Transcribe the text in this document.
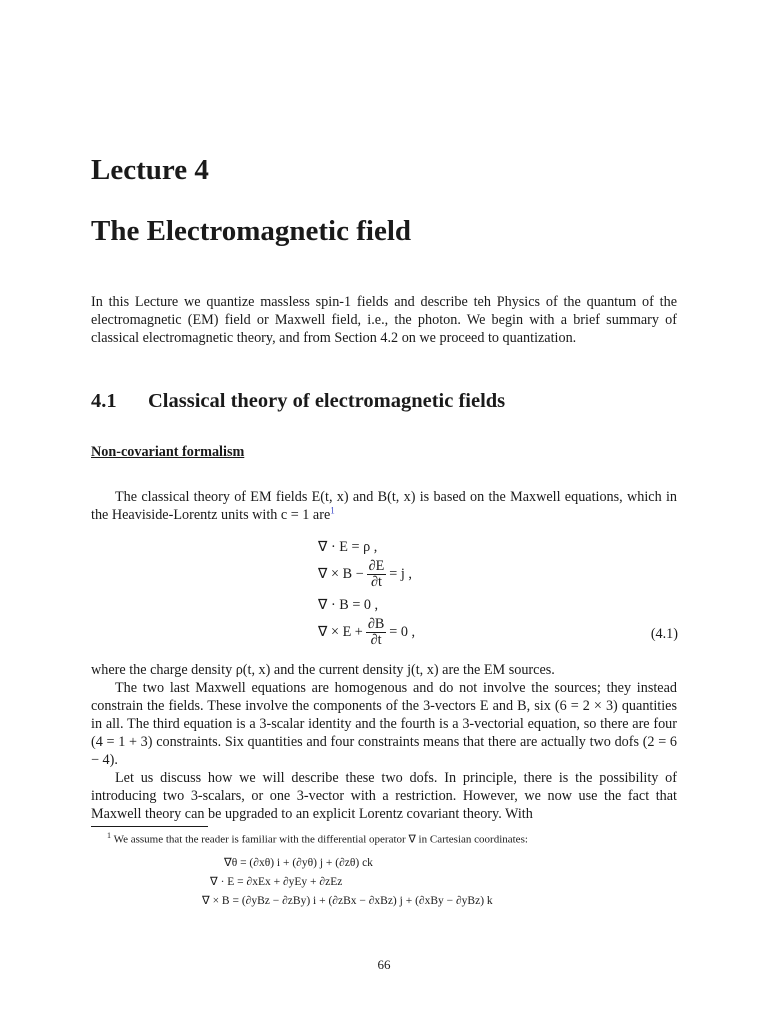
Lecture 4
The Electromagnetic field

In this Lecture we quantize massless spin-1 fields and describe teh Physics of the quantum of the electromagnetic (EM) field or Maxwell field, i.e., the photon. We begin with a brief summary of classical electromagnetic theory, and from Section 4.2 on we proceed to quantization.

4.1 Classical theory of electromagnetic fields
Non-covariant formalism

The classical theory of EM fields E(t, x) and B(t, x) is based on the Maxwell equations, which in the Heaviside-Lorentz units with c = 1 are$^1$

∇ · E = ρ ,
∇ × $B - \frac{\partial E}{\partial t} = j$ ,
∇ · B = 0 ,
∇ × $E + \frac{\partial B}{\partial t} = 0$ ,	(4.1)

where the charge density ρ(t, x) and the current density j(t, x) are the EM sources.

The two last Maxwell equations are homogenous and do not involve the sources; they instead constrain the fields. These involve the components of the 3-vectors E and B, six (6 = 2 × 3) quantities in all. The third equation is a 3-scalar identity and the fourth is a 3-vectorial equation, so there are four (4 = 1 + 3) constraints. Six quantities and four constraints means that there are actually two dofs (2 = 6 − 4).

Let us discuss how we will describe these two dofs. In principle, there is the possibility of introducing two 3-scalars, or one 3-vector with a restriction. However, we now use the fact that Maxwell theory can be upgraded to an explicit Lorentz covariant theory. With

$^1$ We assume that the reader is familiar with the differential operator ∇ in Cartesian coordinates:
∇θ = (∂xθ) i + (∂yθ) j + (∂zθ) ck
∇ · E = ∂xEx + ∂yEy + ∂zEz
∇ × B = (∂yBz − ∂zBy) i + (∂zBx − ∂xBz) j + (∂xBy − ∂yBz) k
66
